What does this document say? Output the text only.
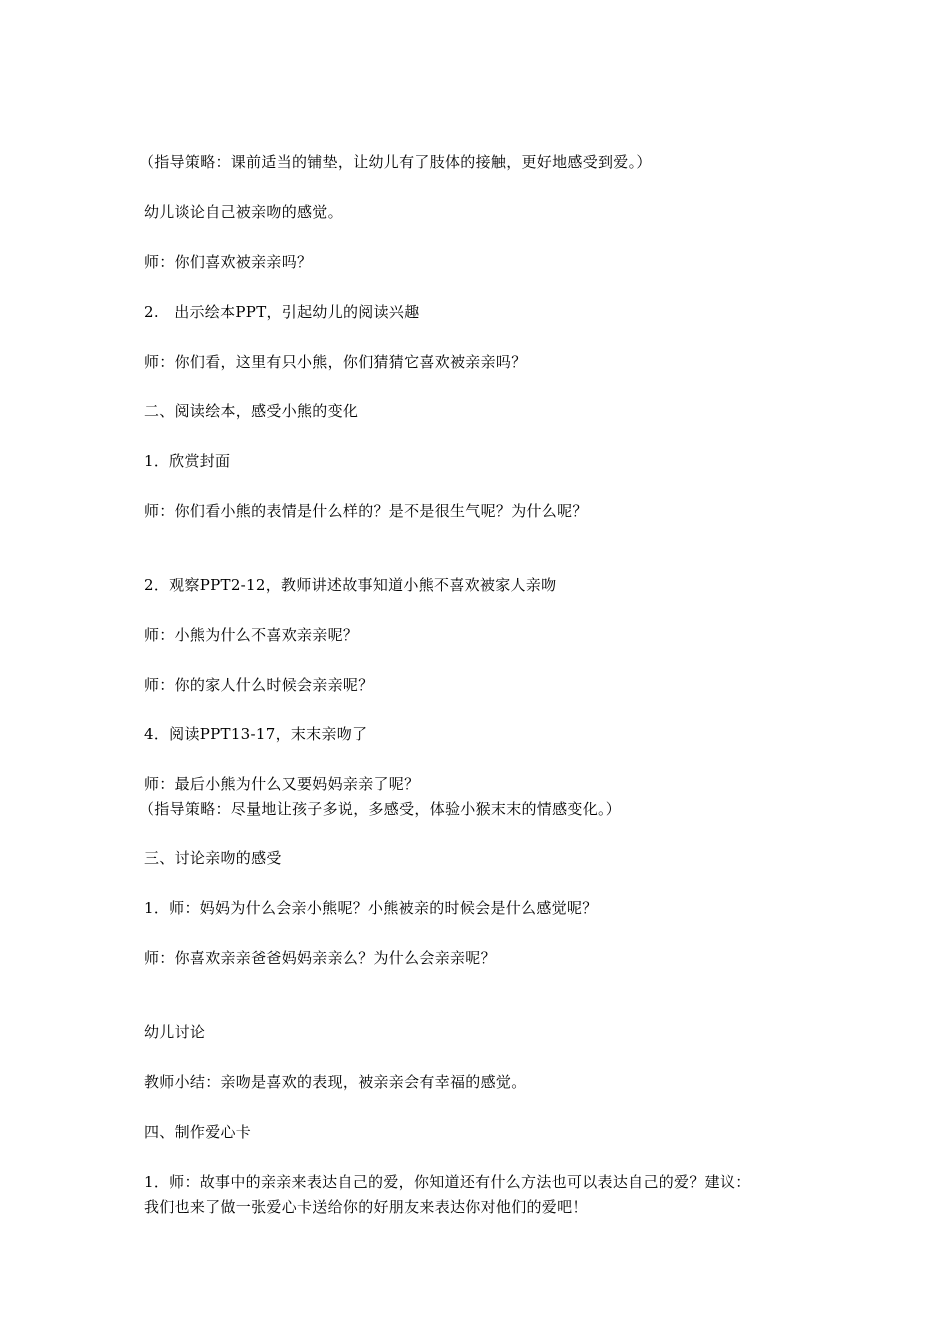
（指导策略：课前适当的铺垫，让幼儿有了肢体的接触，更好地感受到爱。）
幼儿谈论自己被亲吻的感觉。
师：你们喜欢被亲亲吗？
2.　出示绘本PPT，引起幼儿的阅读兴趣
师：你们看，这里有只小熊，你们猜猜它喜欢被亲亲吗？
二、阅读绘本，感受小熊的变化
1．欣赏封面
师：你们看小熊的表情是什么样的？是不是很生气呢？为什么呢？
2．观察PPT2-12，教师讲述故事知道小熊不喜欢被家人亲吻
师：小熊为什么不喜欢亲亲呢？
师：你的家人什么时候会亲亲呢？
4．阅读PPT13-17，末末亲吻了
师：最后小熊为什么又要妈妈亲亲了呢？
（指导策略：尽量地让孩子多说，多感受，体验小猴末末的情感变化。）
三、讨论亲吻的感受
1．师：妈妈为什么会亲小熊呢？小熊被亲的时候会是什么感觉呢？
师：你喜欢亲亲爸爸妈妈亲亲么？为什么会亲亲呢？
幼儿讨论
教师小结：亲吻是喜欢的表现，被亲亲会有幸福的感觉。
四、制作爱心卡
1．师：故事中的亲亲来表达自己的爱，你知道还有什么方法也可以表达自己的爱？建议：
我们也来了做一张爱心卡送给你的好朋友来表达你对他们的爱吧！
